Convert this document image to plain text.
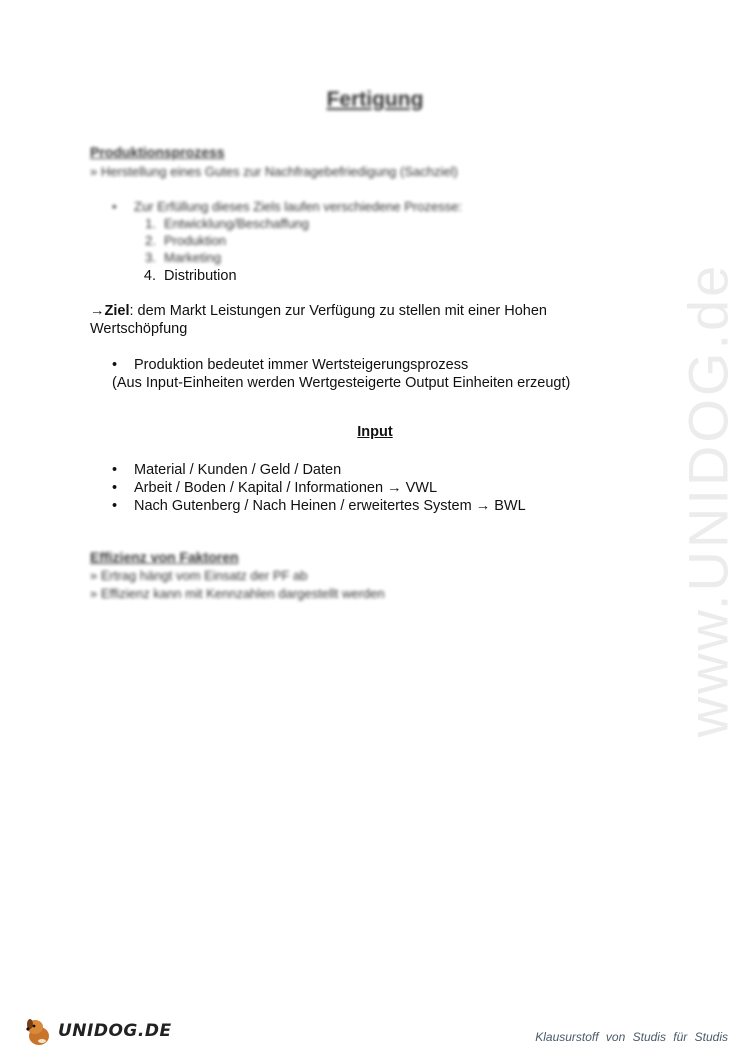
www.UNIDOG.de
Fertigung
Produktionsprozess
» Herstellung eines Gutes zur Nachfragebefriedigung (Sachziel)
• Zur Erfüllung dieses Ziels laufen verschiedene Prozesse:
1. Entwicklung/Beschaffung
2. Produktion
3. Marketing
4. Distribution
→Ziel: dem Markt Leistungen zur Verfügung zu stellen mit einer Hohen
Wertschöpfung
• Produktion bedeutet immer Wertsteigerungsprozess
(Aus Input-Einheiten werden Wertgesteigerte Output Einheiten erzeugt)
Input
• Material / Kunden / Geld / Daten
• Arbeit / Boden / Kapital / Informationen → VWL
• Nach Gutenberg / Nach Heinen / erweitertes System → BWL
Effizienz von Faktoren
» Ertrag hängt vom Einsatz der PF ab
» Effizienz kann mit Kennzahlen dargestellt werden
UNIDOG.DE	Klausurstoff von Studis für Studis
